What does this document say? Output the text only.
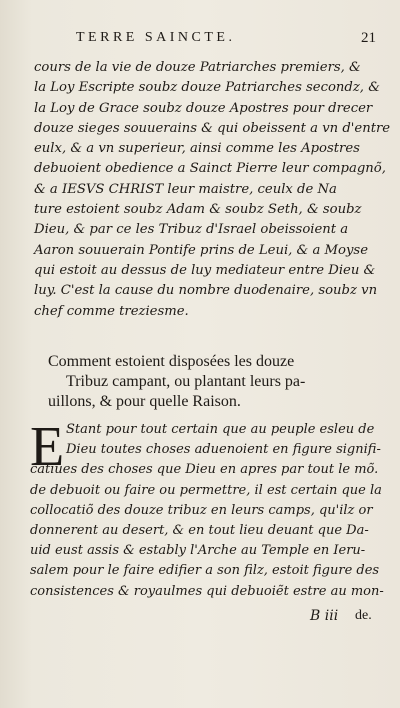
TERRE SAINCTE.	21
cours de la vie de douze Patriarches premiers, &
la Loy Escripte soubz douze Patriarches secondz, &
la Loy de Grace soubz douze Apostres pour drecer
douze sieges souuerains & qui obeissent a vn d'entre
eulx, & a vn superieur, ainsi comme les Apostres
debuoient obedience a Sainct Pierre leur compagnõ,
& a IESVS CHRIST leur maistre, ceulx de Na
ture estoient soubz Adam & soubz Seth, & soubz
Dieu, & par ce les Tribuz d'Israel obeissoient a
Aaron souuerain Pontife prins de Leui, & a Moyse
qui estoit au dessus de luy mediateur entre Dieu &
luy. C'est la cause du nombre duodenaire, soubz vn
chef comme treziesme.
Comment estoient disposées les douze
Tribuz campant, ou plantant leurs pa-
uillons, & pour quelle Raison.
E Stant pour tout certain que au peuple esleu de
Dieu toutes choses aduenoient en figure signifi-
catiues des choses que Dieu en apres par tout le mõ.
de debuoit ou faire ou permettre, il est certain que la
collocatiõ des douze tribuz en leurs camps, qu'ilz or
donnerent au desert, & en tout lieu deuant que Da-
uid eust assis & estably l'Arche au Temple en Ieru-
salem pour le faire edifier a son filz, estoit figure des
consistences & royaulmes qui debuoiẽt estre au mon-
B iii de.
